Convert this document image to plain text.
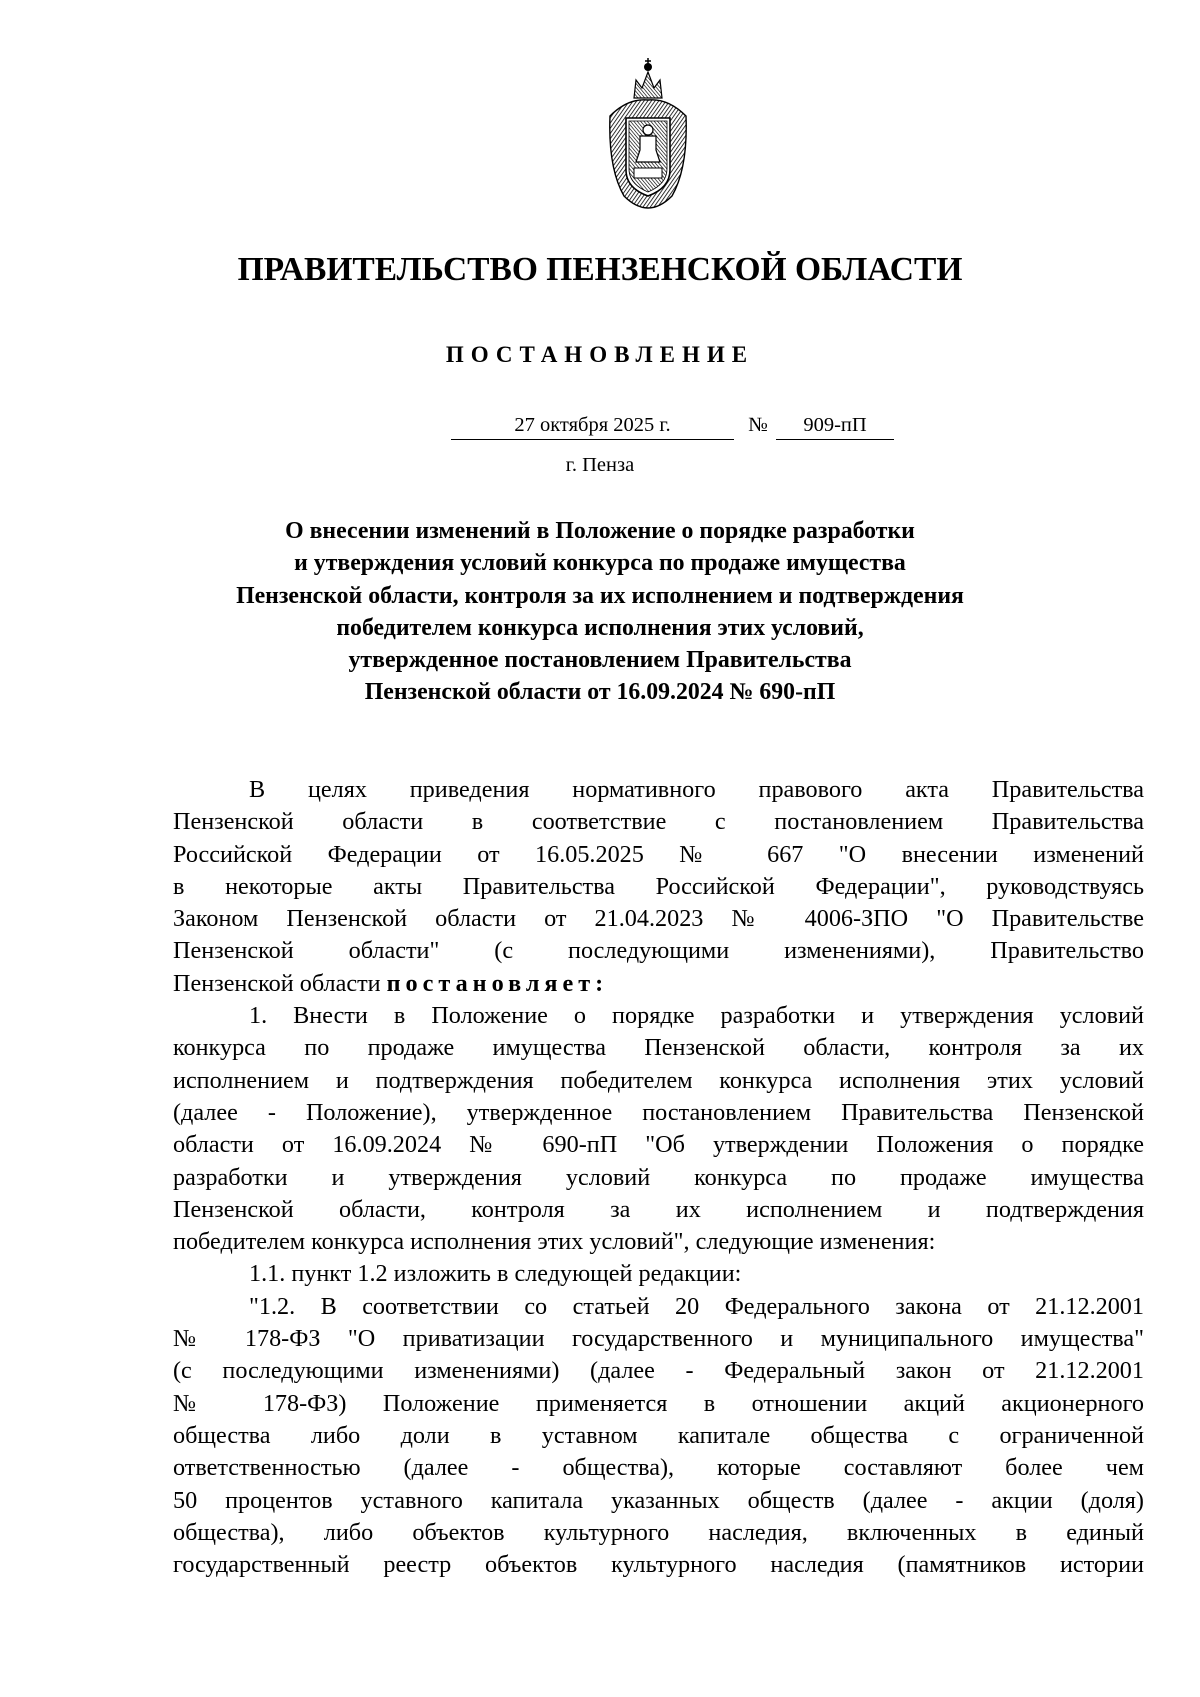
ПРАВИТЕЛЬСТВО ПЕНЗЕНСКОЙ ОБЛАСТИ
ПОСТАНОВЛЕНИЕ
27 октября 2025 г.	№	909-пП
г. Пенза
О внесении изменений в Положение о порядке разработки
и утверждения условий конкурса по продаже имущества
Пензенской области, контроля за их исполнением и подтверждения
победителем конкурса исполнения этих условий,
утвержденное постановлением Правительства
Пензенской области от 16.09.2024 № 690-пП
В целях приведения нормативного правового акта Правительства
Пензенской области в соответствие с постановлением Правительства
Российской Федерации от 16.05.2025 № 667 "О внесении изменений
в некоторые акты Правительства Российской Федерации", руководствуясь
Законом Пензенской области от 21.04.2023 № 4006-ЗПО "О Правительстве
Пензенской области" (с последующими изменениями), Правительство
Пензенской области постановляет:
1. Внести в Положение о порядке разработки и утверждения условий
конкурса по продаже имущества Пензенской области, контроля за их
исполнением и подтверждения победителем конкурса исполнения этих условий
(далее - Положение), утвержденное постановлением Правительства Пензенской
области от 16.09.2024 № 690-пП "Об утверждении Положения о порядке
разработки и утверждения условий конкурса по продаже имущества
Пензенской области, контроля за их исполнением и подтверждения
победителем конкурса исполнения этих условий", следующие изменения:
1.1. пункт 1.2 изложить в следующей редакции:
"1.2. В соответствии со статьей 20 Федерального закона от 21.12.2001
№ 178-ФЗ "О приватизации государственного и муниципального имущества"
(с последующими изменениями) (далее - Федеральный закон от 21.12.2001
№ 178-ФЗ) Положение применяется в отношении акций акционерного
общества либо доли в уставном капитале общества с ограниченной
ответственностью (далее - общества), которые составляют более чем
50 процентов уставного капитала указанных обществ (далее - акции (доля)
общества), либо объектов культурного наследия, включенных в единый
государственный реестр объектов культурного наследия (памятников истории
